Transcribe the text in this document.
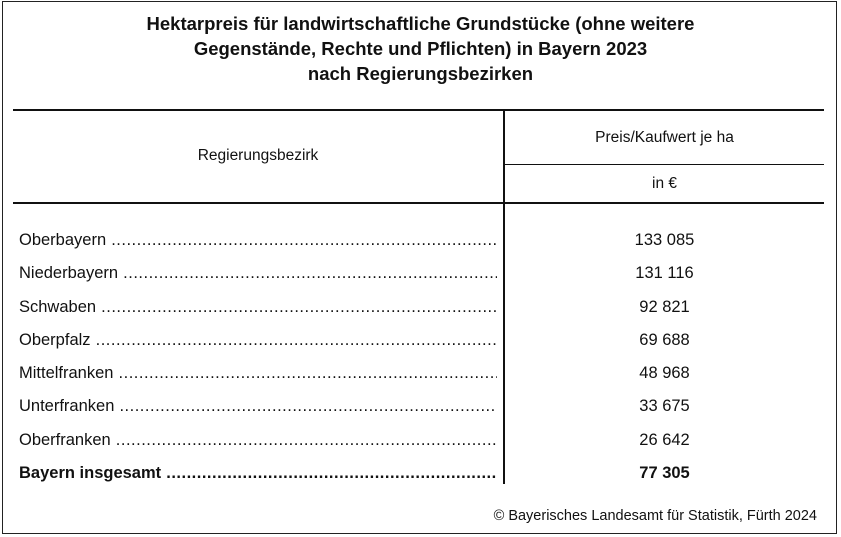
Hektarpreis für landwirtschaftliche Grundstücke (ohne weitere
Gegenstände, Rechte und Pflichten) in Bayern 2023
nach Regierungsbezirken
Regierungsbezirk
Preis/Kaufwert je ha
in €
Oberbayern .....	133 085
Niederbayern .....	131 116
Schwaben .....	92 821
Oberpfalz .....	69 688
Mittelfranken .....	48 968
Unterfranken .....	33 675
Oberfranken .....	26 642
Bayern insgesamt .....	77 305
© Bayerisches Landesamt für Statistik, Fürth 2024
